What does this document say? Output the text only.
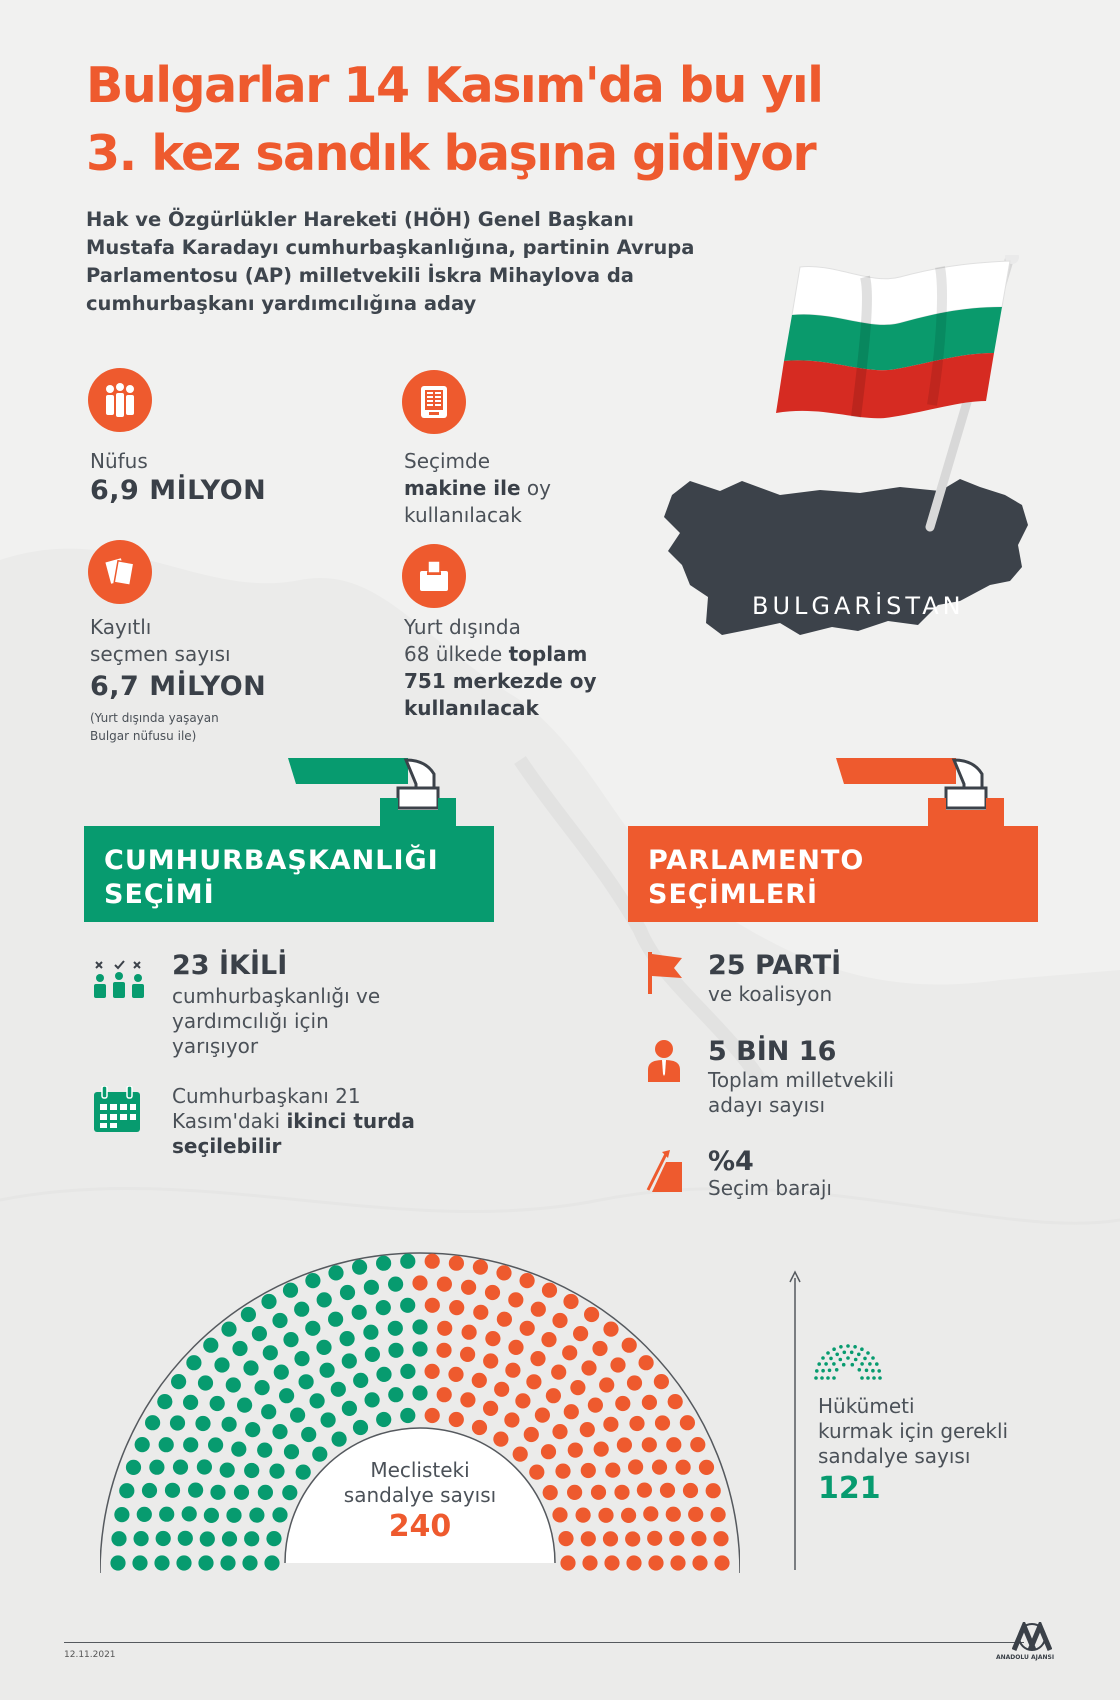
Bulgarlar 14 Kasım'da bu yıl
3. kez sandık başına gidiyor

Hak ve Özgürlükler Hareketi (HÖH) Genel Başkanı Mustafa Karadayı cumhurbaşkanlığına, partinin Avrupa Parlamentosu (AP) milletvekili İskra Mihaylova da cumhurbaşkanı yardımcılığına aday

BULGARİSTAN
Nüfus
6,9 MİLYON
Kayıtlı
seçmen sayısı
6,7 MİLYON
(Yurt dışında yaşayan
Bulgar nüfusu ile)
Seçimde
makine ile oy
kullanılacak
Yurt dışında
68 ülkede toplam
751 merkezde oy
kullanılacak
CUMHURBAŞKANLIĞI
SEÇİMİ
PARLAMENTO
SEÇİMLERİ
23 İKİLİ
cumhurbaşkanlığı ve
yardımcılığı için
yarışıyor
Cumhurbaşkanı 21
Kasım'daki ikinci turda
seçilebilir
25 PARTİ
ve koalisyon
5 BİN 16
Toplam milletvekili
adayı sayısı
%4
Seçim barajı
Meclisteki
sandalye sayısı
240
Hükümeti
kurmak için gerekli
sandalye sayısı
121
12.11.2021	ANADOLU AJANSI
